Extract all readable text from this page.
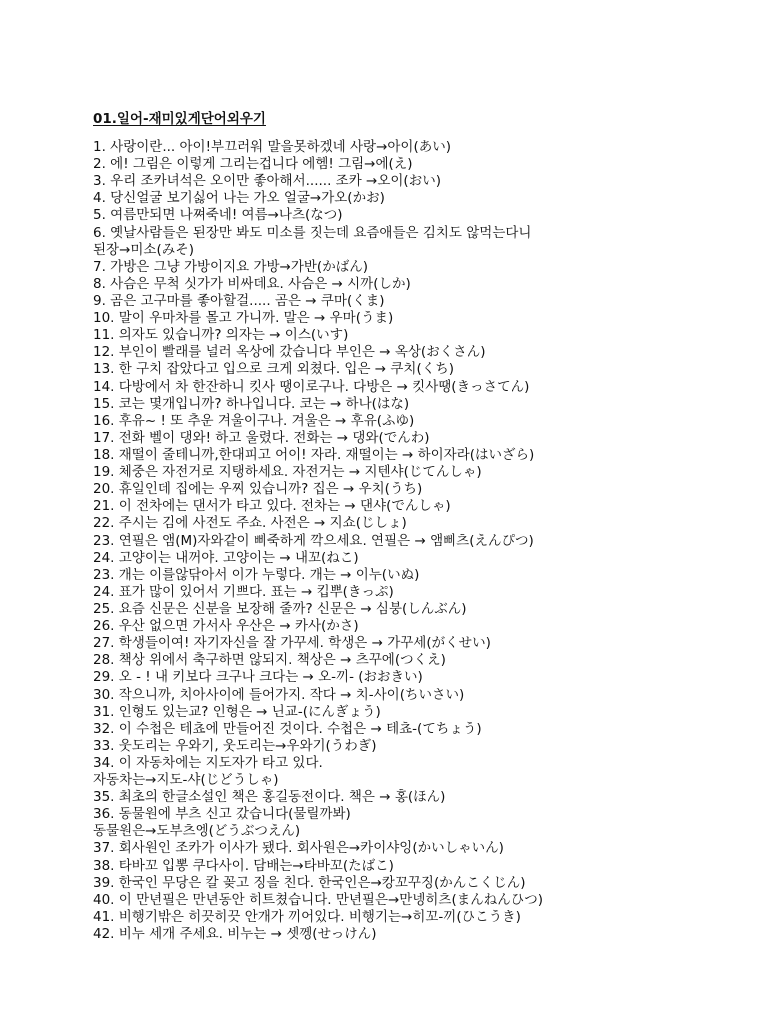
01.일어-재미있게단어외우기
1. 사랑이란... 아이!부끄러워 말을못하겠네 사랑→아이(あい)
2. 에! 그림은 이렇게 그리는겁니다 에헴! 그림→에(え)
3. 우리 조카녀석은 오이만 좋아해서...... 조카 →오이(おい)
4. 당신얼굴 보기싫어 나는 가오 얼굴→가오(かお)
5. 여름만되면 나쪄죽네! 여름→나츠(なつ)
6. 옛날사람들은 된장만 봐도 미소를 짓는데 요즘애들은 김치도 않먹는다니
된장→미소(みそ)
7. 가방은 그냥 가방이지요 가방→가반(かばん)
8. 사슴은 무척 싯가가 비싸데요. 사슴은 → 시까(しか)
9. 곰은 고구마를 좋아할걸..... 곰은 → 쿠마(くま)
10. 말이 우마차를 몰고 가니까. 말은 → 우마(うま)
11. 의자도 있습니까? 의자는 → 이스(いす)
12. 부인이 빨래를 널러 옥상에 갔습니다 부인은 → 옥상(おくさん)
13. 한 구치 잡았다고 입으로 크게 외쳤다. 입은 → 쿠치(くち)
14. 다방에서 차 한잔하니 킷사 땡이로구나. 다방은 → 킷사땡(きっさてん)
15. 코는 몇개입니까? 하나입니다. 코는 → 하나(はな)
16. 후유~ ! 또 추운 겨울이구나. 겨울은 → 후유(ふゆ)
17. 전화 벨이 댕와! 하고 울렸다. 전화는 → 댕와(でんわ)
18. 재떨이 줄테니까,한대피고 어이! 자라. 재떨이는 → 하이자라(はいざら)
19. 체중은 자전거로 지탱하세요. 자전거는 → 지텐샤(じてんしゃ)
20. 휴일인데 집에는 우찌 있습니까? 집은 → 우치(うち)
21. 이 전차에는 댄서가 타고 있다. 전차는 → 댄샤(でんしゃ)
22. 주시는 김에 사전도 주쇼. 사전은 → 지쇼(じしょ)
23. 연필은 앰(M)자와같이 삐죽하게 깍으세요. 연필은 → 앰삐츠(えんぴつ)
24. 고양이는 내꺼야. 고양이는 → 내꼬(ねこ)
23. 개는 이를않닦아서 이가 누렇다. 개는 → 이누(いぬ)
24. 표가 많이 있어서 기쁘다. 표는 → 킵뿌(きっぷ)
25. 요즘 신문은 신분을 보장해 줄까? 신문은 → 심붕(しんぶん)
26. 우산 없으면 가서사 우산은 → 카사(かさ)
27. 학생들이여! 자기자신을 잘 가꾸세. 학생은 → 가꾸세(がくせい)
28. 책상 위에서 축구하면 않되지. 책상은 → 츠꾸에(つくえ)
29. 오 - ! 내 키보다 크구나 크다는 → 오-끼- (おおきい)
30. 작으니까, 치아사이에 들어가지. 작다 → 치-사이(ちいさい)
31. 인형도 있는교? 인형은 → 닌교-(にんぎょう)
32. 이 수첩은 테쵸에 만들어진 것이다. 수첩은 → 테쵸-(てちょう)
33. 웃도리는 우와기, 웃도리는→우와기(うわぎ)
34. 이 자동차에는 지도자가 타고 있다.
자동차는→지도-샤(じどうしゃ)
35. 최초의 한글소설인 책은 홍길동전이다. 책은 → 홍(ほん)
36. 동물원에 부츠 신고 갔습니다(물릴까봐)
동물원은→도부츠엥(どうぶつえん)
37. 회사원인 조카가 이사가 됐다. 회사원은→카이샤잉(かいしゃいん)
38. 타바꼬 입뽕 쿠다사이. 담배는→타바꼬(たばこ)
39. 한국인 무당은 칼 꽂고 징을 친다. 한국인은→캉꼬꾸징(かんこくじん)
40. 이 만년필은 만년동안 히트쳤습니다. 만년필은→만넹히츠(まんねんひつ)
41. 비행기밖은 히끗히끗 안개가 끼어있다. 비행기는→히꼬-끼(ひこうき)
42. 비누 세개 주세요. 비누는 → 셋껭(せっけん)
